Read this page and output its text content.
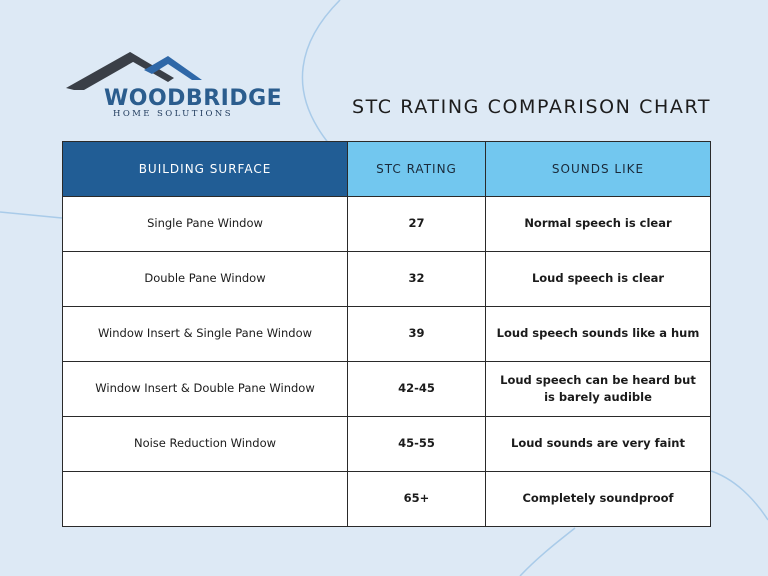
WOODBRIDGE
HOME SOLUTIONS	STC RATING COMPARISON CHART
BUILDING SURFACE	STC RATING	SOUNDS LIKE
Single Pane Window	27	Normal speech is clear
Double Pane Window	32	Loud speech is clear
Window Insert & Single Pane Window	39	Loud speech sounds like a hum
Window Insert & Double Pane Window	42-45	Loud speech can be heard but is barely audible
Noise Reduction Window	45-55	Loud sounds are very faint
	65+	Completely soundproof
